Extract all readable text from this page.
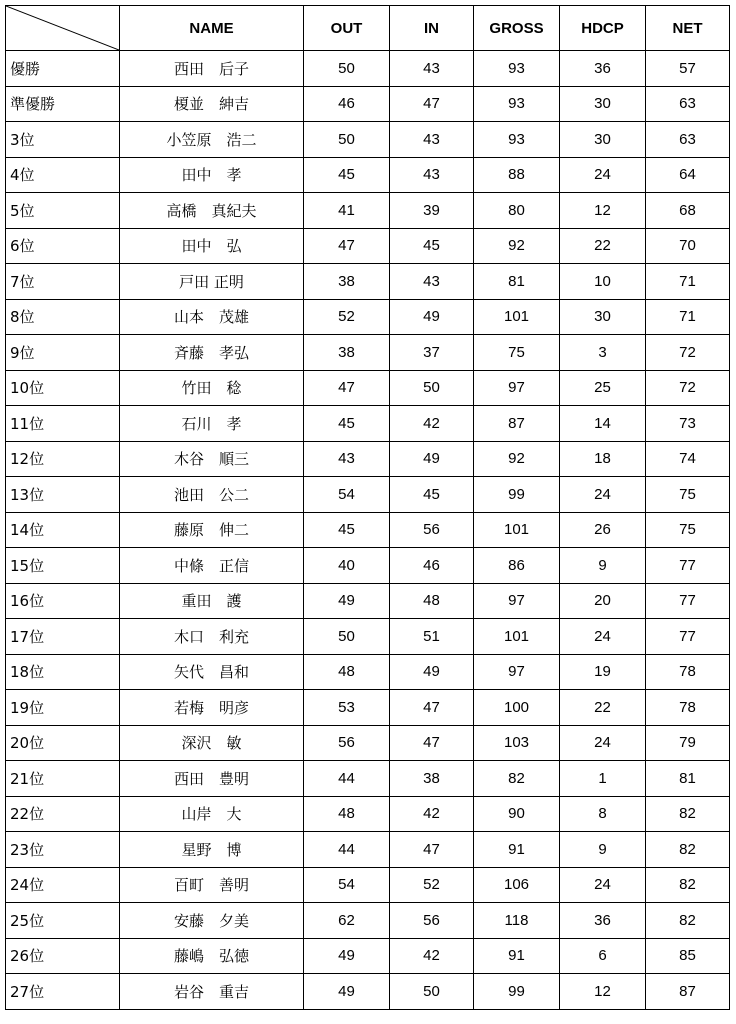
	NAME	OUT	IN	GROSS	HDCP	NET
優勝	西田　后子	50	43	93	36	57
準優勝	榎並　紳吉	46	47	93	30	63
3位	小笠原　浩二	50	43	93	30	63
4位	田中　孝	45	43	88	24	64
5位	高橋　真紀夫	41	39	80	12	68
6位	田中　弘	47	45	92	22	70
7位	戸田 正明	38	43	81	10	71
8位	山本　茂雄	52	49	101	30	71
9位	斉藤　孝弘	38	37	75	3	72
10位	竹田　稔	47	50	97	25	72
11位	石川　孝	45	42	87	14	73
12位	木谷　順三	43	49	92	18	74
13位	池田　公二	54	45	99	24	75
14位	藤原　伸二	45	56	101	26	75
15位	中條　正信	40	46	86	9	77
16位	重田　護	49	48	97	20	77
17位	木口　利充	50	51	101	24	77
18位	矢代　昌和	48	49	97	19	78
19位	若梅　明彦	53	47	100	22	78
20位	深沢　敏	56	47	103	24	79
21位	西田　豊明	44	38	82	1	81
22位	山岸　大	48	42	90	8	82
23位	星野　博	44	47	91	9	82
24位	百町　善明	54	52	106	24	82
25位	安藤　夕美	62	56	118	36	82
26位	藤嶋　弘徳	49	42	91	6	85
27位	岩谷　重吉	49	50	99	12	87
